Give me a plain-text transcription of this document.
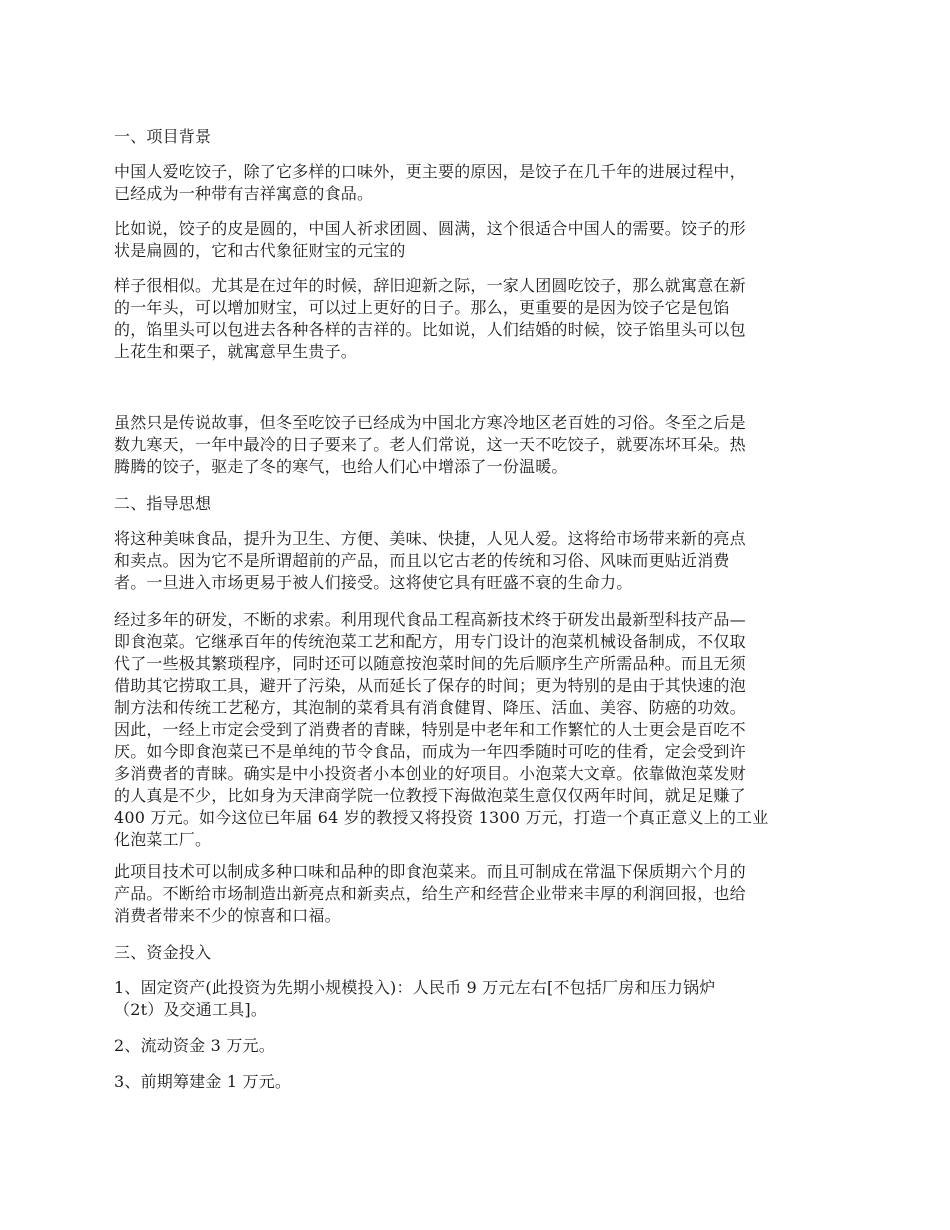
一、项目背景

中国人爱吃饺子，除了它多样的口味外，更主要的原因，是饺子在几千年的进展过程中，
已经成为一种带有吉祥寓意的食品。

比如说，饺子的皮是圆的，中国人祈求团圆、圆满，这个很适合中国人的需要。饺子的形
状是扁圆的，它和古代象征财宝的元宝的

样子很相似。尤其是在过年的时候，辞旧迎新之际，一家人团圆吃饺子，那么就寓意在新
的一年头，可以增加财宝，可以过上更好的日子。那么，更重要的是因为饺子它是包馅
的，馅里头可以包进去各种各样的吉祥的。比如说，人们结婚的时候，饺子馅里头可以包
上花生和栗子，就寓意早生贵子。

虽然只是传说故事，但冬至吃饺子已经成为中国北方寒冷地区老百姓的习俗。冬至之后是
数九寒天，一年中最冷的日子要来了。老人们常说，这一天不吃饺子，就要冻坏耳朵。热
腾腾的饺子，驱走了冬的寒气，也给人们心中增添了一份温暖。

二、指导思想

将这种美味食品，提升为卫生、方便、美味、快捷，人见人爱。这将给市场带来新的亮点
和卖点。因为它不是所谓超前的产品，而且以它古老的传统和习俗、风味而更贴近消费
者。一旦进入市场更易于被人们接受。这将使它具有旺盛不衰的生命力。

经过多年的研发，不断的求索。利用现代食品工程高新技术终于研发出最新型科技产品—
即食泡菜。它继承百年的传统泡菜工艺和配方，用专门设计的泡菜机械设备制成，不仅取
代了一些极其繁琐程序，同时还可以随意按泡菜时间的先后顺序生产所需品种。而且无须
借助其它捞取工具，避开了污染，从而延长了保存的时间；更为特别的是由于其快速的泡
制方法和传统工艺秘方，其泡制的菜肴具有消食健胃、降压、活血、美容、防癌的功效。
因此，一经上市定会受到了消费者的青睐，特别是中老年和工作繁忙的人士更会是百吃不
厌。如今即食泡菜已不是单纯的节令食品，而成为一年四季随时可吃的佳肴，定会受到许
多消费者的青睐。确实是中小投资者小本创业的好项目。小泡菜大文章。依靠做泡菜发财
的人真是不少，比如身为天津商学院一位教授下海做泡菜生意仅仅两年时间，就足足赚了
400 万元。如今这位已年届 64 岁的教授又将投资 1300 万元，打造一个真正意义上的工业
化泡菜工厂。

此项目技术可以制成多种口味和品种的即食泡菜来。而且可制成在常温下保质期六个月的
产品。不断给市场制造出新亮点和新卖点，给生产和经营企业带来丰厚的利润回报，也给
消费者带来不少的惊喜和口福。

三、资金投入

1、固定资产(此投资为先期小规模投入)：人民币 9 万元左右[不包括厂房和压力锅炉
（2t）及交通工具]。

2、流动资金 3 万元。

3、前期筹建金 1 万元。
